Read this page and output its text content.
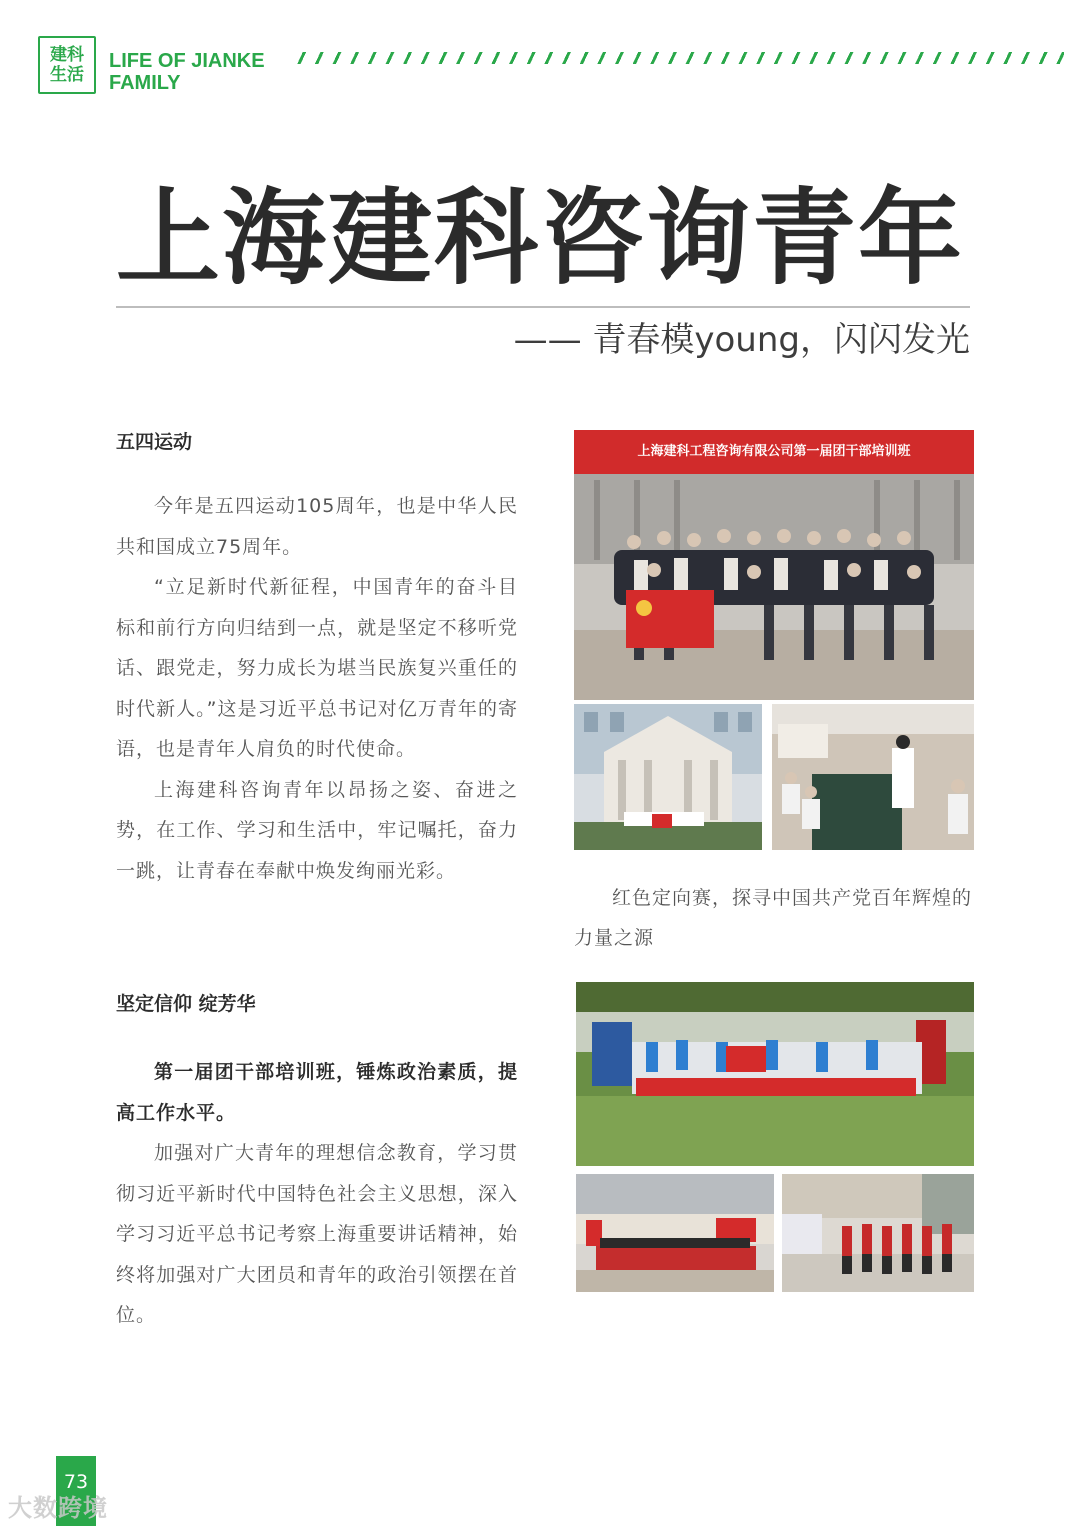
建科
生活
LIFE OF JIANKE
FAMILY
上海建科咨询青年
—— 青春模young，闪闪发光
五四运动

今年是五四运动105周年，也是中华人民共和国成立75周年。

“立足新时代新征程，中国青年的奋斗目标和前行方向归结到一点，就是坚定不移听党话、跟党走，努力成长为堪当民族复兴重任的时代新人。”这是习近平总书记对亿万青年的寄语，也是青年人肩负的时代使命。

上海建科咨询青年以昂扬之姿、奋进之势，在工作、学习和生活中，牢记嘱托，奋力一跳，让青春在奉献中焕发绚丽光彩。

坚定信仰 绽芳华

第一届团干部培训班，锤炼政治素质，提高工作水平。

加强对广大青年的理想信念教育，学习贯彻习近平新时代中国特色社会主义思想，深入学习习近平总书记考察上海重要讲话精神，始终将加强对广大团员和青年的政治引领摆在首位。

上海建科工程咨询有限公司第一届团干部培训班

红色定向赛，探寻中国共产党百年辉煌的力量之源

73
大数跨境
